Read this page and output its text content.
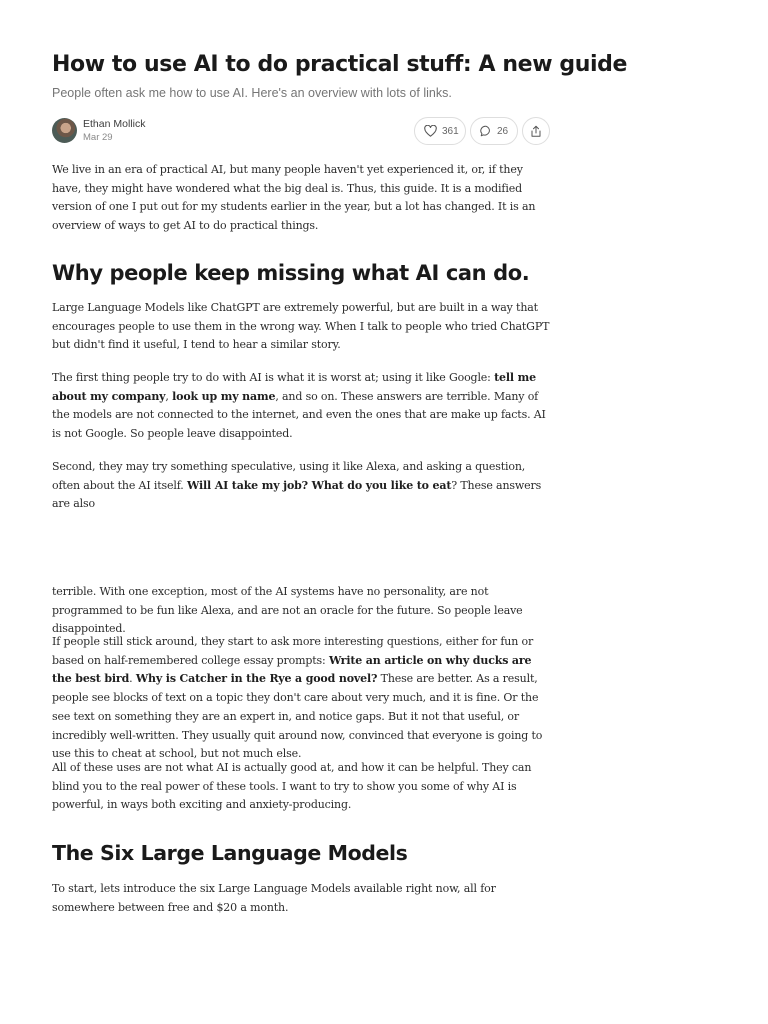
How to use AI to do practical stuff: A new guide

People often ask me how to use AI. Here's an overview with lots of links.

Ethan Mollick
Mar 29
361	26

We live in an era of practical AI, but many people haven't yet experienced it, or, if they have, they might have wondered what the big deal is. Thus, this guide. It is a modified version of one I put out for my students earlier in the year, but a lot has changed. It is an overview of ways to get AI to do practical things.

Why people keep missing what AI can do.

Large Language Models like ChatGPT are extremely powerful, but are built in a way that encourages people to use them in the wrong way. When I talk to people who tried ChatGPT but didn't find it useful, I tend to hear a similar story.

The first thing people try to do with AI is what it is worst at; using it like Google: tell me about my company, look up my name, and so on. These answers are terrible. Many of the models are not connected to the internet, and even the ones that are make up facts. AI is not Google. So people leave disappointed.

Second, they may try something speculative, using it like Alexa, and asking a question, often about the AI itself. Will AI take my job? What do you like to eat? These answers are also

terrible. With one exception, most of the AI systems have no personality, are not programmed to be fun like Alexa, and are not an oracle for the future. So people leave disappointed.

If people still stick around, they start to ask more interesting questions, either for fun or based on half-remembered college essay prompts: Write an article on why ducks are the best bird. Why is Catcher in the Rye a good novel? These are better. As a result, people see blocks of text on a topic they don't care about very much, and it is fine. Or the see text on something they are an expert in, and notice gaps. But it not that useful, or incredibly well-written. They usually quit around now, convinced that everyone is going to use this to cheat at school, but not much else.

All of these uses are not what AI is actually good at, and how it can be helpful. They can blind you to the real power of these tools. I want to try to show you some of why AI is powerful, in ways both exciting and anxiety-producing.

The Six Large Language Models

To start, lets introduce the six Large Language Models available right now, all for somewhere between free and $20 a month.
